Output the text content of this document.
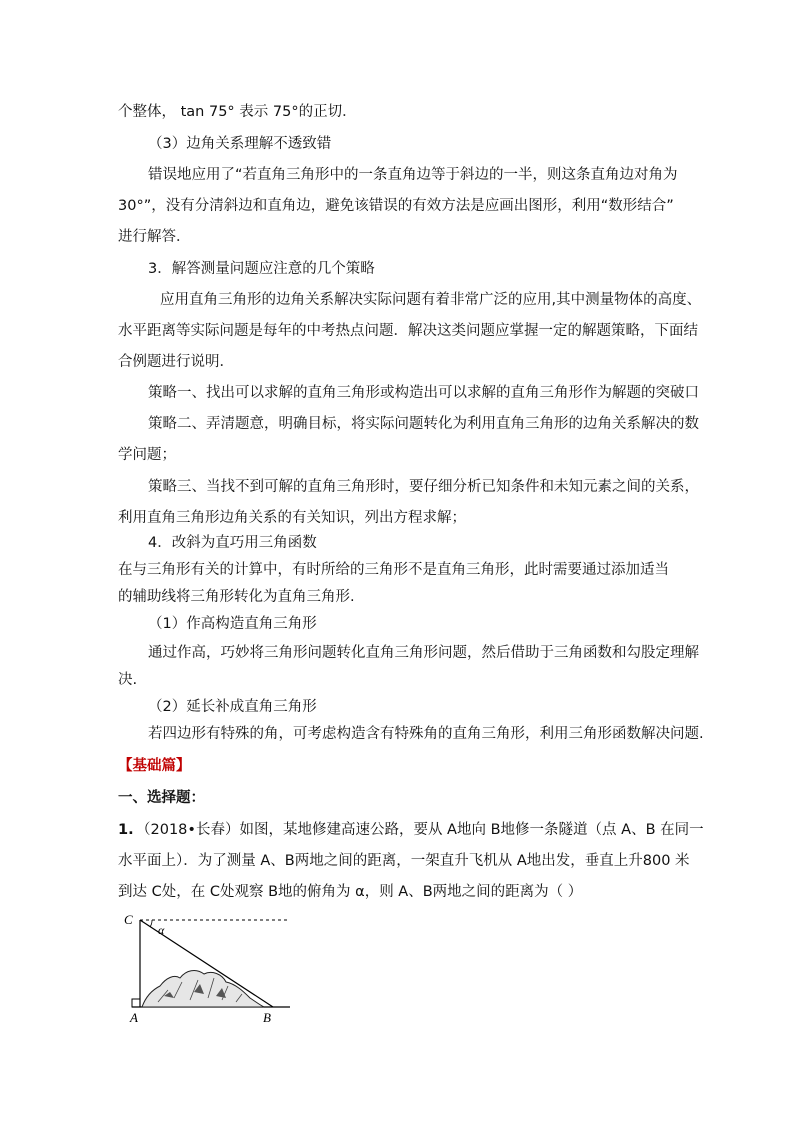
个整体， tan 75° 表示 75°的正切．
（3）边角关系理解不透致错
错误地应用了“若直角三角形中的一条直角边等于斜边的一半，则这条直角边对角为
30°”，没有分清斜边和直角边，避免该错误的有效方法是应画出图形，利用“数形结合”
进行解答．
3．解答测量问题应注意的几个策略
应用直角三角形的边角关系解决实际问题有着非常广泛的应用,其中测量物体的高度、
水平距离等实际问题是每年的中考热点问题．解决这类问题应掌握一定的解题策略，下面结
合例题进行说明．
策略一、找出可以求解的直角三角形或构造出可以求解的直角三角形作为解题的突破口
策略二、弄清题意，明确目标，将实际问题转化为利用直角三角形的边角关系解决的数
学问题；
策略三、当找不到可解的直角三角形时，要仔细分析已知条件和未知元素之间的关系，
利用直角三角形边角关系的有关知识，列出方程求解；
4．改斜为直巧用三角函数
在与三角形有关的计算中，有时所给的三角形不是直角三角形，此时需要通过添加适当
的辅助线将三角形转化为直角三角形.
（1）作高构造直角三角形
通过作高，巧妙将三角形问题转化直角三角形问题，然后借助于三角函数和勾股定理解
决.
（2）延长补成直角三角形
若四边形有特殊的角，可考虑构造含有特殊角的直角三角形，利用三角形函数解决问题.
【基础篇】
一、选择题：
1. （2018•长春）如图，某地修建高速公路，要从 A地向 B地修一条隧道（点 A、B 在同一
水平面上）．为了测量 A、B两地之间的距离，一架直升飞机从 A地出发，垂直上升800 米
到达 C处，在 C处观察 B地的俯角为 α，则 A、B两地之间的距离为（ ）
C
α
A	B
